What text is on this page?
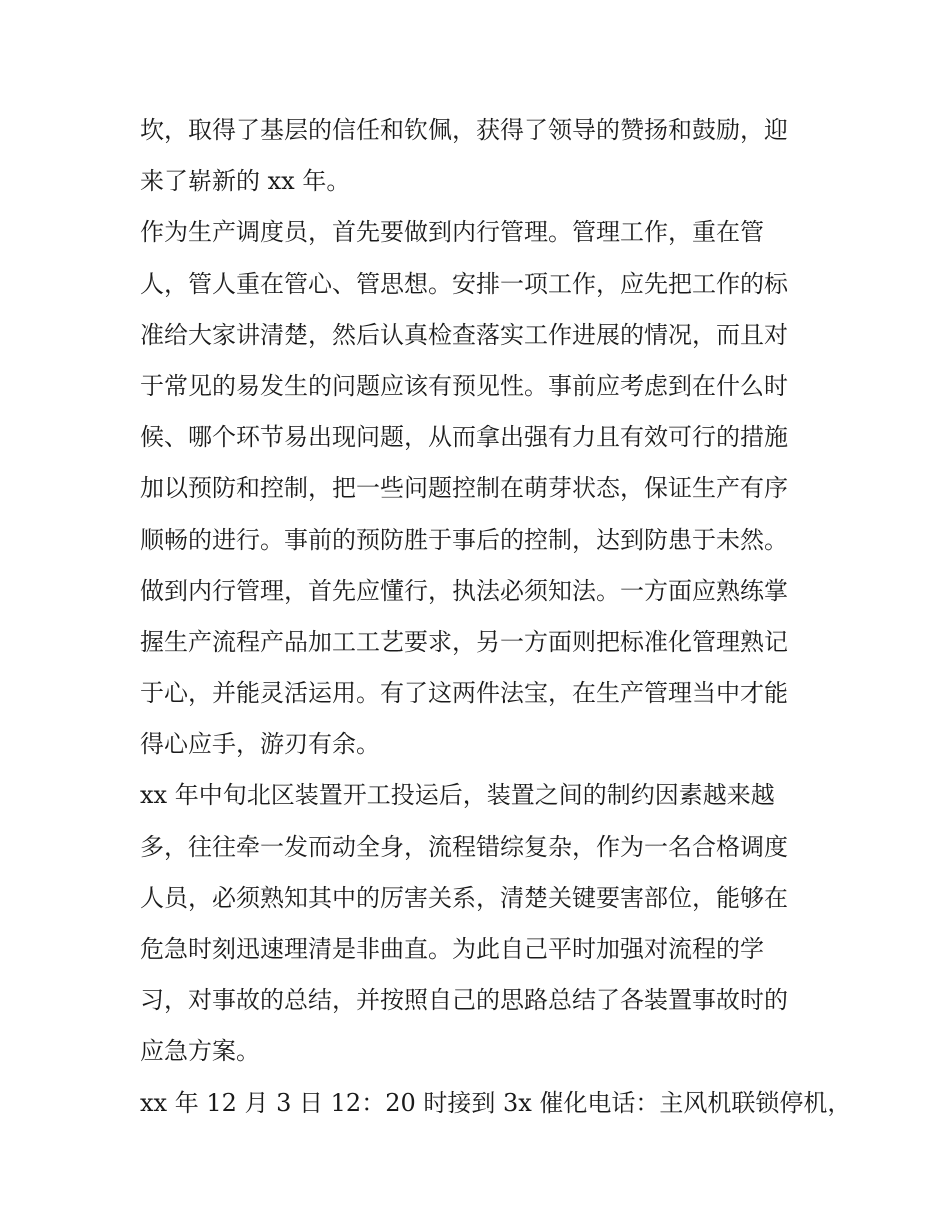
坎，取得了基层的信任和钦佩，获得了领导的赞扬和鼓励，迎
来了崭新的 xx 年。
作为生产调度员，首先要做到内行管理。管理工作，重在管
人，管人重在管心、管思想。安排一项工作，应先把工作的标
准给大家讲清楚，然后认真检查落实工作进展的情况，而且对
于常见的易发生的问题应该有预见性。事前应考虑到在什么时
候、哪个环节易出现问题，从而拿出强有力且有效可行的措施
加以预防和控制，把一些问题控制在萌芽状态，保证生产有序
顺畅的进行。事前的预防胜于事后的控制，达到防患于未然。
做到内行管理，首先应懂行，执法必须知法。一方面应熟练掌
握生产流程产品加工工艺要求，另一方面则把标准化管理熟记
于心，并能灵活运用。有了这两件法宝，在生产管理当中才能
得心应手，游刃有余。
xx 年中旬北区装置开工投运后，装置之间的制约因素越来越
多，往往牵一发而动全身，流程错综复杂，作为一名合格调度
人员，必须熟知其中的厉害关系，清楚关键要害部位，能够在
危急时刻迅速理清是非曲直。为此自己平时加强对流程的学
习，对事故的总结，并按照自己的思路总结了各装置事故时的
应急方案。
xx 年 12 月 3 日 12：20 时接到 3x 催化电话：主风机联锁停机，
